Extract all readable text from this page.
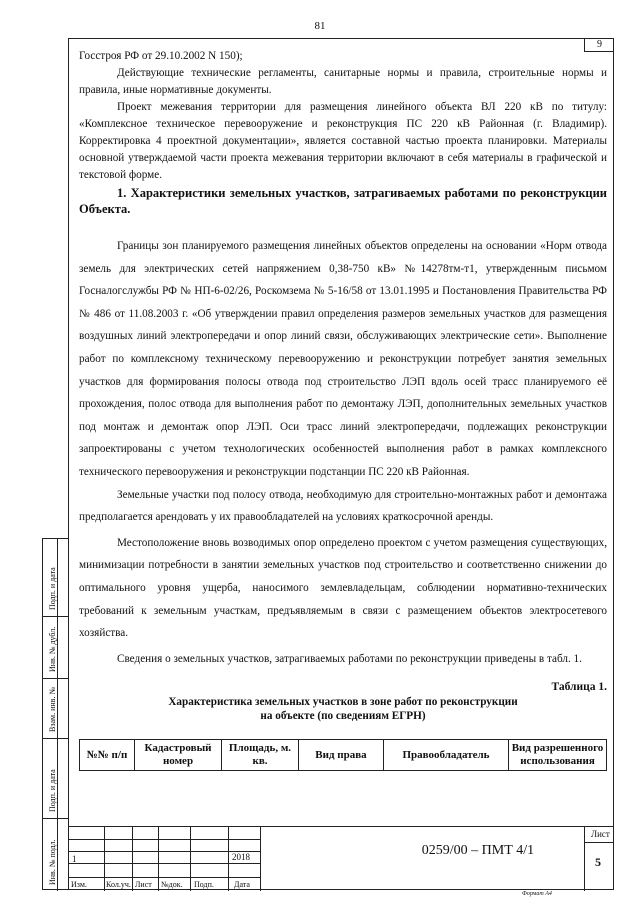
81
9

Госстроя РФ от 29.10.2002 N 150);

Действующие технические регламенты, санитарные нормы и правила, строительные нормы и правила, иные нормативные документы.

Проект межевания территории для размещения линейного объекта ВЛ 220 кВ по титулу: «Комплексное техническое перевооружение и реконструкция ПС 220 кВ Районная (г. Владимир). Корректировка 4 проектной документации», является составной частью проекта планировки. Материалы основной утверждаемой части проекта межевания территории включают в себя материалы в графической и текстовой форме.

1. Характеристики земельных участков, затрагиваемых работами по реконструкции Объекта.

Границы зон планируемого размещения линейных объектов определены на основании «Норм отвода земель для электрических сетей напряжением 0,38-750 кВ» №14278тм-т1, утвержденным письмом Госналогслужбы РФ № НП-6-02/26, Роскомзема № 5-16/58 от 13.01.1995 и Постановления Правительства РФ № 486 от 11.08.2003 г. «Об утверждении правил определения размеров земельных участков для размещения воздушных линий электропередачи и опор линий связи, обслуживающих электрические сети». Выполнение работ по комплексному техническому перевооружению и реконструкции потребует занятия земельных участков для формирования полосы отвода под строительство ЛЭП вдоль осей трасс планируемого её прохождения, полос отвода для выполнения работ по демонтажу ЛЭП, дополнительных земельных участков под монтаж и демонтаж опор ЛЭП. Оси трасс линий электропередачи, подлежащих реконструкции запроектированы с учетом технологических особенностей выполнения работ в рамках комплексного технического перевооружения и реконструкции подстанции ПС 220 кВ Районная.

Земельные участки под полосу отвода, необходимую для строительно-монтажных работ и демонтажа предполагается арендовать у их правообладателей на условиях краткосрочной аренды.

Местоположение вновь возводимых опор определено проектом с учетом размещения существующих, минимизации потребности в занятии земельных участков под строительство и соответственно снижении до оптимального уровня ущерба, наносимого землевладельцам, соблюдении нормативно-технических требований к земельным участкам, предъявляемым в связи с размещением объектов электросетевого хозяйства.

Сведения о земельных участков, затрагиваемых работами по реконструкции приведены в табл. 1.

Таблица 1.

Характеристика земельных участков в зоне работ по реконструкции

на объекте (по сведениям ЕГРН)

№№ п/п	Кадастровый номер	Площадь, м. кв.	Вид права	Правообладатель	Вид разрешенного использования
Подп. и дата
Инв. № дубл.
Взам. инв. №
Подп. и дата
Инв. № подл. 1	2018
Изм. Кол.уч. Лист №док. Подп.	Дата
0259/00 – ПМТ 4/1
Лист
5
Формат А4
